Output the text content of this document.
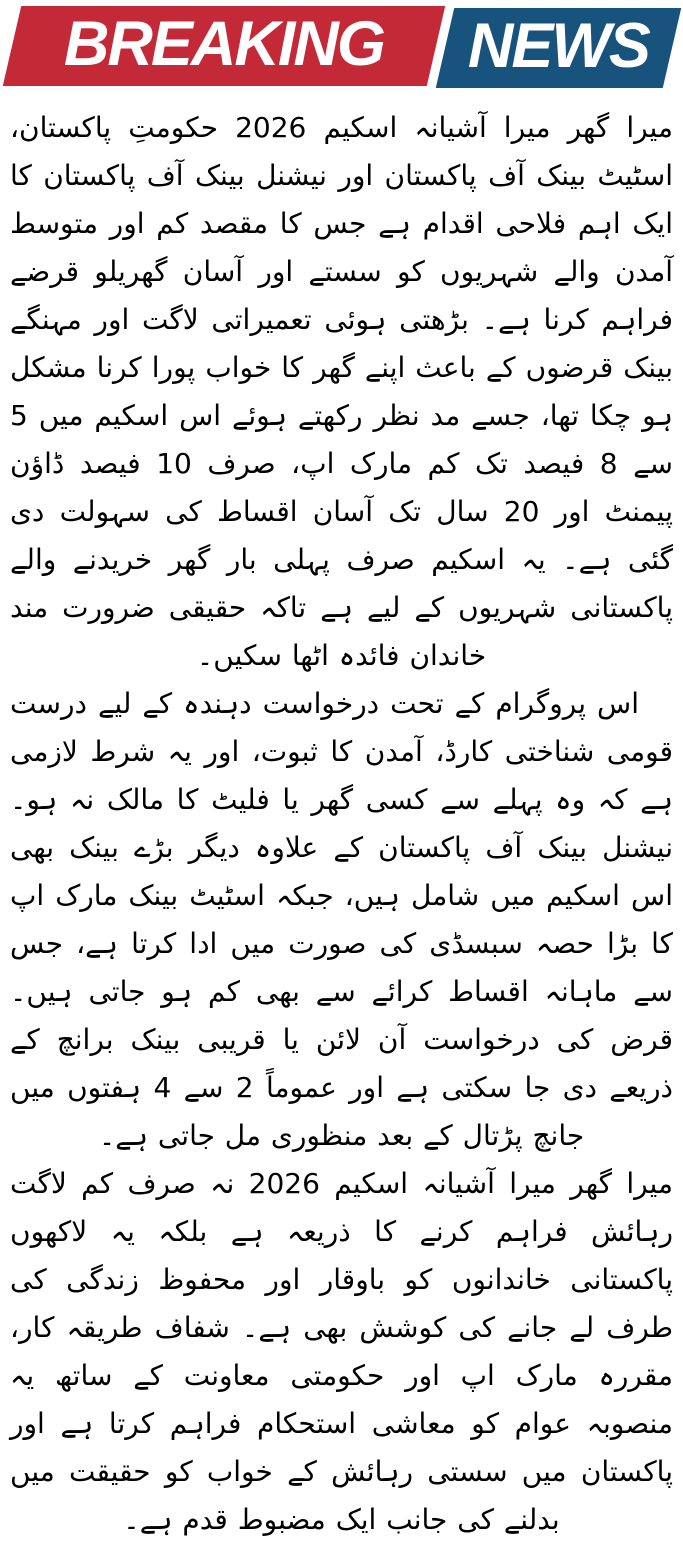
BREAKING NEWS

میرا گھر میرا آشیانہ اسکیم 2026 حکومتِ پاکستان، اسٹیٹ بینک آف پاکستان اور نیشنل بینک آف پاکستان کا ایک اہم فلاحی اقدام ہے جس کا مقصد کم اور متوسط آمدن والے شہریوں کو سستے اور آسان گھریلو قرضے فراہم کرنا ہے۔ بڑھتی ہوئی تعمیراتی لاگت اور مہنگے بینک قرضوں کے باعث اپنے گھر کا خواب پورا کرنا مشکل ہو چکا تھا، جسے مد نظر رکھتے ہوئے اس اسکیم میں 5 سے 8 فیصد تک کم مارک اپ، صرف 10 فیصد ڈاؤن پیمنٹ اور 20 سال تک آسان اقساط کی سہولت دی گئی ہے۔ یہ اسکیم صرف پہلی بار گھر خریدنے والے پاکستانی شہریوں کے لیے ہے تاکہ حقیقی ضرورت مند خاندان فائدہ اٹھا سکیں۔

اس پروگرام کے تحت درخواست دہندہ کے لیے درست قومی شناختی کارڈ، آمدن کا ثبوت، اور یہ شرط لازمی ہے کہ وہ پہلے سے کسی گھر یا فلیٹ کا مالک نہ ہو۔ نیشنل بینک آف پاکستان کے علاوہ دیگر بڑے بینک بھی اس اسکیم میں شامل ہیں، جبکہ اسٹیٹ بینک مارک اپ کا بڑا حصہ سبسڈی کی صورت میں ادا کرتا ہے، جس سے ماہانہ اقساط کرائے سے بھی کم ہو جاتی ہیں۔ قرض کی درخواست آن لائن یا قریبی بینک برانچ کے ذریعے دی جا سکتی ہے اور عموماً 2 سے 4 ہفتوں میں جانچ پڑتال کے بعد منظوری مل جاتی ہے۔

میرا گھر میرا آشیانہ اسکیم 2026 نہ صرف کم لاگت رہائش فراہم کرنے کا ذریعہ ہے بلکہ یہ لاکھوں پاکستانی خاندانوں کو باوقار اور محفوظ زندگی کی طرف لے جانے کی کوشش بھی ہے۔ شفاف طریقہ کار، مقررہ مارک اپ اور حکومتی معاونت کے ساتھ یہ منصوبہ عوام کو معاشی استحکام فراہم کرتا ہے اور پاکستان میں سستی رہائش کے خواب کو حقیقت میں بدلنے کی جانب ایک مضبوط قدم ہے۔
